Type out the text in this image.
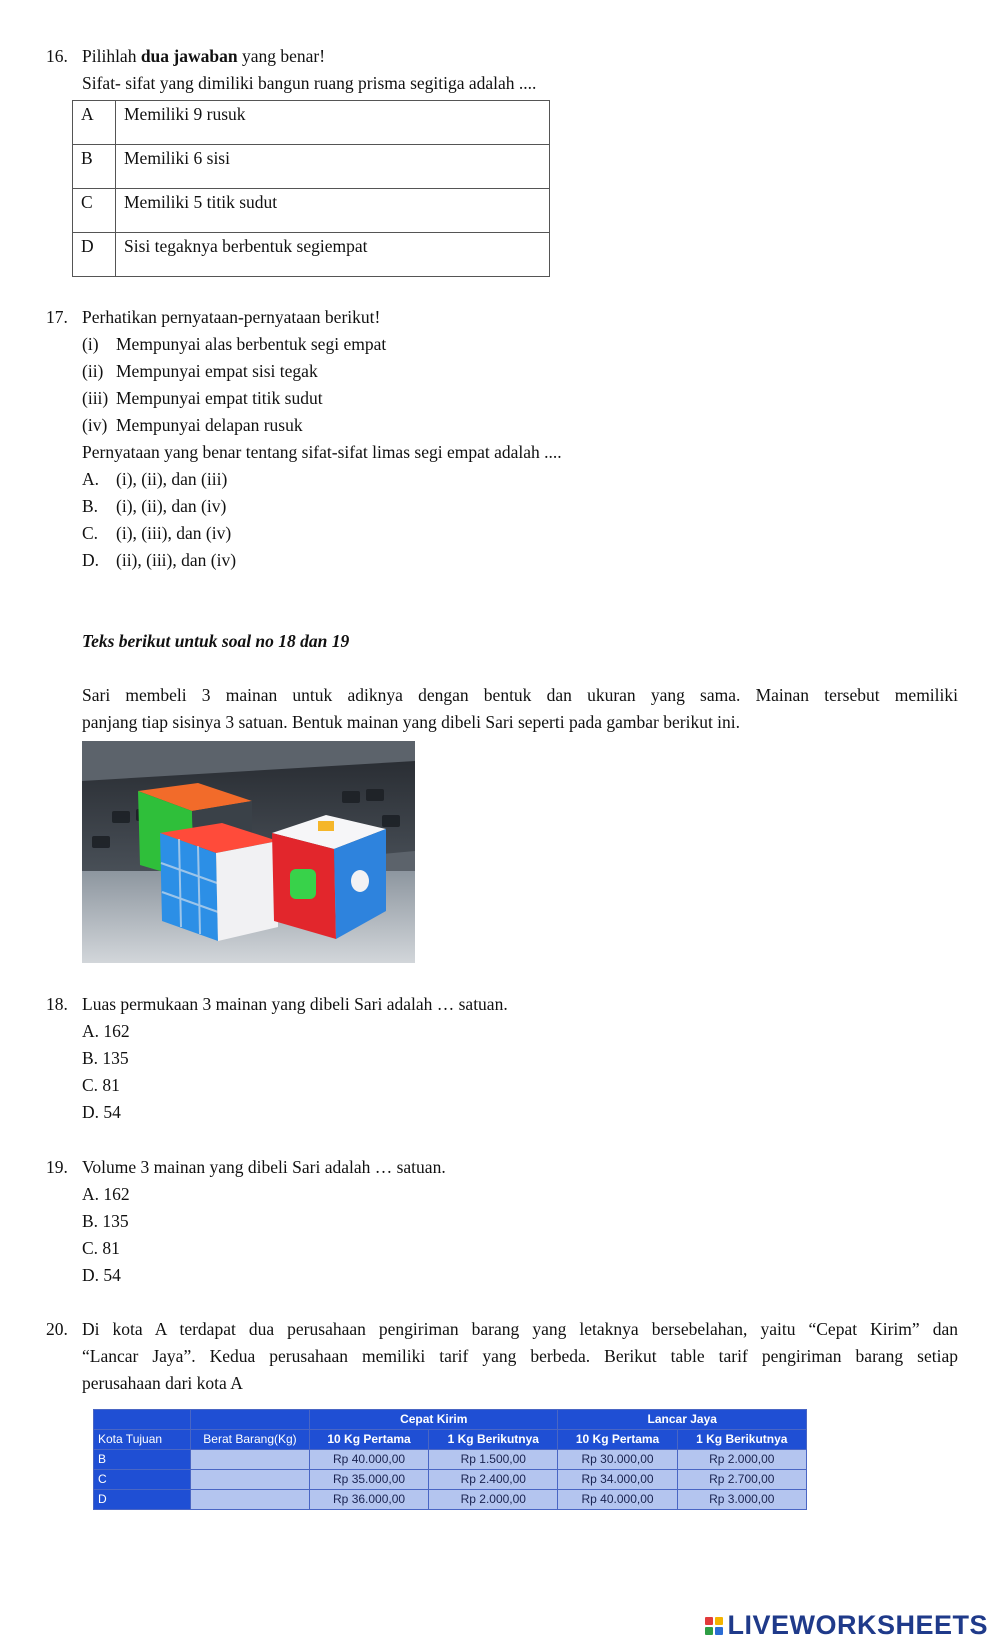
16. Pilihlah dua jawaban yang benar!
Sifat- sifat yang dimiliki bangun ruang prisma segitiga adalah ....
A	Memiliki 9 rusuk
B	Memiliki 6 sisi
C	Memiliki 5 titik sudut
D	Sisi tegaknya berbentuk segiempat
17. Perhatikan pernyataan-pernyataan berikut!
(i) Mempunyai alas berbentuk segi empat
(ii) Mempunyai empat sisi tegak
(iii) Mempunyai empat titik sudut
(iv) Mempunyai delapan rusuk
Pernyataan yang benar tentang sifat-sifat limas segi empat adalah ....
A. (i), (ii), dan (iii)
B. (i), (ii), dan (iv)
C. (i), (iii), dan (iv)
D. (ii), (iii), dan (iv)
Teks berikut untuk soal no 18 dan 19
Sari membeli 3 mainan untuk adiknya dengan bentuk dan ukuran yang sama. Mainan tersebut memiliki
panjang tiap sisinya 3 satuan. Bentuk mainan yang dibeli Sari seperti pada gambar berikut ini.
18. Luas permukaan 3 mainan yang dibeli Sari adalah … satuan.
A. 162
B. 135
C. 81
D. 54
19. Volume 3 mainan yang dibeli Sari adalah … satuan.
A. 162
B. 135
C. 81
D. 54
20. Di kota A terdapat dua perusahaan pengiriman barang yang letaknya bersebelahan, yaitu “Cepat Kirim” dan
“Lancar Jaya”. Kedua perusahaan memiliki tarif yang berbeda. Berikut table tarif pengiriman barang setiap
perusahaan dari kota A
		Cepat Kirim		Lancar Jaya	
Kota Tujuan	Berat Barang(Kg)	10 Kg Pertama	1 Kg Berikutnya	10 Kg Pertama	1 Kg Berikutnya
B		Rp 40.000,00	Rp 1.500,00	Rp 30.000,00	Rp 2.000,00
C		Rp 35.000,00	Rp 2.400,00	Rp 34.000,00	Rp 2.700,00
D		Rp 36.000,00	Rp 2.000,00	Rp 40.000,00	Rp 3.000,00
LIVEWORKSHEETS
